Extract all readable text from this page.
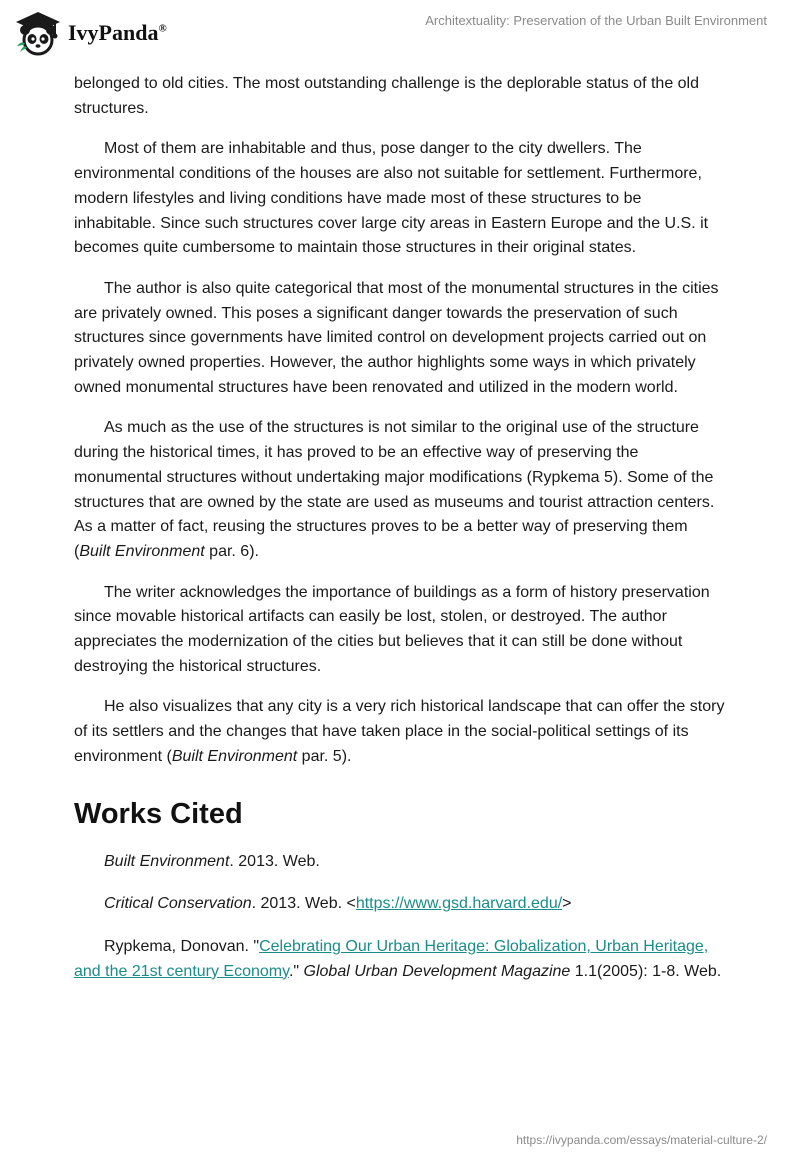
IvyPanda®
Architextuality: Preservation of the Urban Built Environment

belonged to old cities. The most outstanding challenge is the deplorable status of the old structures.

Most of them are inhabitable and thus, pose danger to the city dwellers. The environmental conditions of the houses are also not suitable for settlement. Furthermore, modern lifestyles and living conditions have made most of these structures to be inhabitable. Since such structures cover large city areas in Eastern Europe and the U.S. it becomes quite cumbersome to maintain those structures in their original states.

The author is also quite categorical that most of the monumental structures in the cities are privately owned. This poses a significant danger towards the preservation of such structures since governments have limited control on development projects carried out on privately owned properties. However, the author highlights some ways in which privately owned monumental structures have been renovated and utilized in the modern world.

As much as the use of the structures is not similar to the original use of the structure during the historical times, it has proved to be an effective way of preserving the monumental structures without undertaking major modifications (Rypkema 5). Some of the structures that are owned by the state are used as museums and tourist attraction centers. As a matter of fact, reusing the structures proves to be a better way of preserving them (Built Environment par. 6).

The writer acknowledges the importance of buildings as a form of history preservation since movable historical artifacts can easily be lost, stolen, or destroyed. The author appreciates the modernization of the cities but believes that it can still be done without destroying the historical structures.

He also visualizes that any city is a very rich historical landscape that can offer the story of its settlers and the changes that have taken place in the social-political settings of its environment (Built Environment par. 5).

Works Cited

Built Environment. 2013. Web.

Critical Conservation. 2013. Web. <https://www.gsd.harvard.edu/>

Rypkema, Donovan. "Celebrating Our Urban Heritage: Globalization, Urban Heritage, and the 21st century Economy." Global Urban Development Magazine 1.1(2005): 1-8. Web.

https://ivypanda.com/essays/material-culture-2/
